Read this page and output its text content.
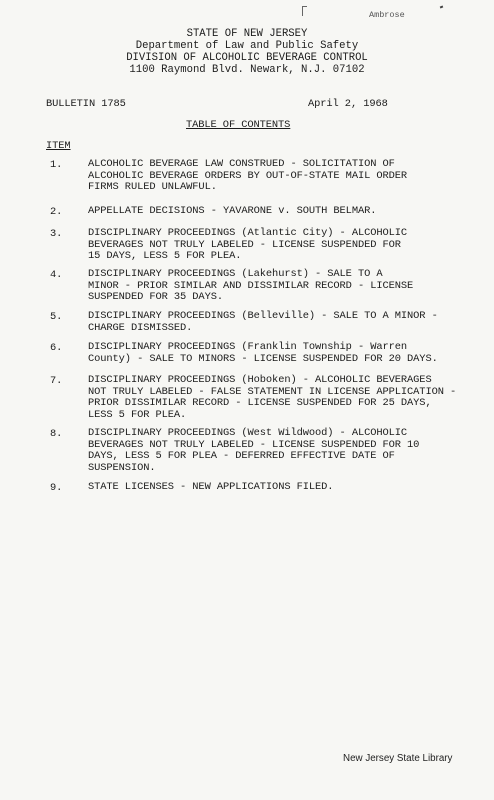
Ambrose
STATE OF NEW JERSEY
Department of Law and Public Safety
DIVISION OF ALCOHOLIC BEVERAGE CONTROL
1100 Raymond Blvd. Newark, N.J. 07102
BULLETIN 1785	April 2, 1968
TABLE OF CONTENTS
ITEM

1.

ALCOHOLIC BEVERAGE LAW CONSTRUED - SOLICITATION OF
ALCOHOLIC BEVERAGE ORDERS BY OUT-OF-STATE MAIL ORDER
FIRMS RULED UNLAWFUL.

2.

APPELLATE DECISIONS - YAVARONE v. SOUTH BELMAR.

3.

DISCIPLINARY PROCEEDINGS (Atlantic City) - ALCOHOLIC
BEVERAGES NOT TRULY LABELED - LICENSE SUSPENDED FOR
15 DAYS, LESS 5 FOR PLEA.

4.

DISCIPLINARY PROCEEDINGS (Lakehurst) - SALE TO A
MINOR - PRIOR SIMILAR AND DISSIMILAR RECORD - LICENSE
SUSPENDED FOR 35 DAYS.

5.

DISCIPLINARY PROCEEDINGS (Belleville) - SALE TO A MINOR -
CHARGE DISMISSED.

6.

DISCIPLINARY PROCEEDINGS (Franklin Township - Warren
County) - SALE TO MINORS - LICENSE SUSPENDED FOR 20 DAYS.

7.

DISCIPLINARY PROCEEDINGS (Hoboken) - ALCOHOLIC BEVERAGES
NOT TRULY LABELED - FALSE STATEMENT IN LICENSE APPLICATION -
PRIOR DISSIMILAR RECORD - LICENSE SUSPENDED FOR 25 DAYS,
LESS 5 FOR PLEA.

8.

DISCIPLINARY PROCEEDINGS (West Wildwood) - ALCOHOLIC
BEVERAGES NOT TRULY LABELED - LICENSE SUSPENDED FOR 10
DAYS, LESS 5 FOR PLEA - DEFERRED EFFECTIVE DATE OF
SUSPENSION.

9.

STATE LICENSES - NEW APPLICATIONS FILED.

New Jersey State Library
